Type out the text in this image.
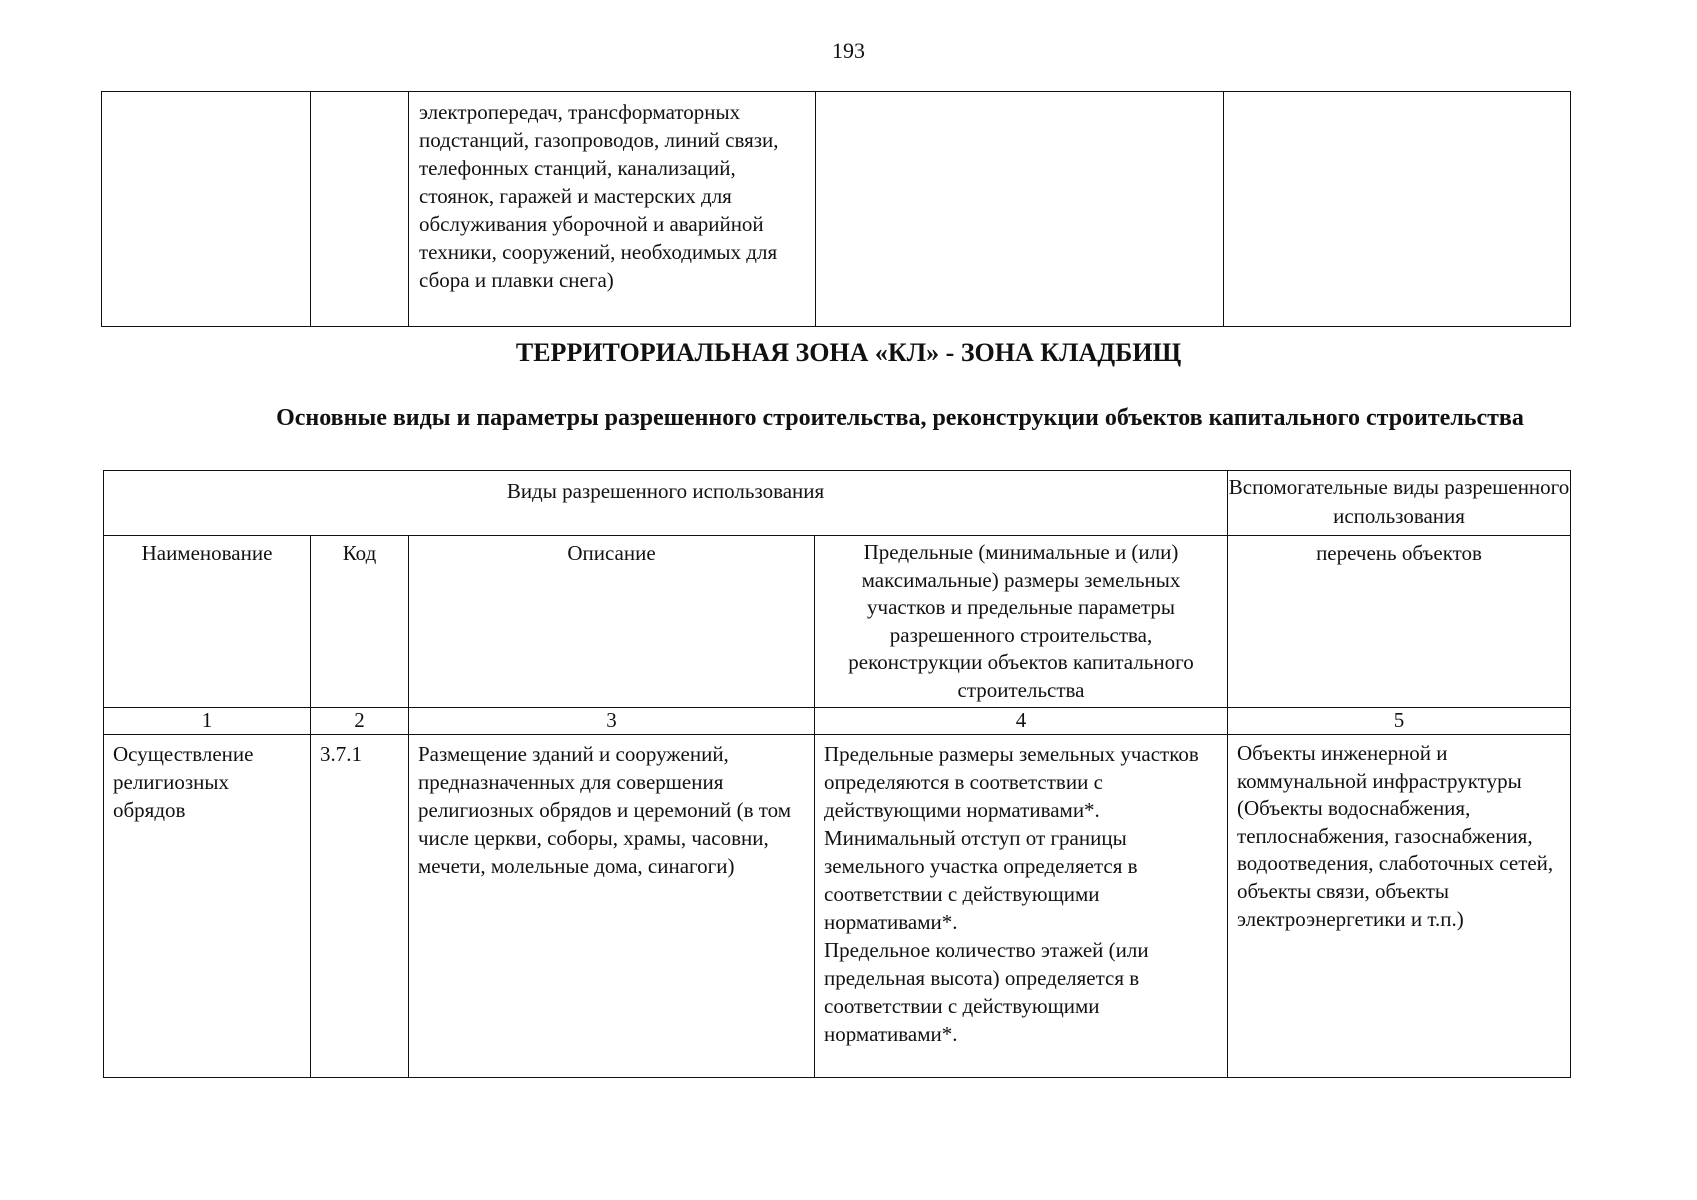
193
		электропередач, трансформаторных подстанций, газопроводов, линий связи, телефонных станций, канализаций, стоянок, гаражей и мастерских для обслуживания уборочной и аварийной техники, сооружений, необходимых для сбора и плавки снега)		
ТЕРРИТОРИАЛЬНАЯ ЗОНА «КЛ» - ЗОНА КЛАДБИЩ
Основные виды и параметры разрешенного строительства, реконструкции объектов капитального строительства
Виды разрешенного использования				Вспомогательные виды разрешенного использования
Наименование	Код	Описание	Предельные (минимальные и (или) максимальные) размеры земельных участков и предельные параметры разрешенного строительства, реконструкции объектов капитального строительства	перечень объектов
1	2	3	4	5
Осуществление религиозных обрядов	3.7.1	Размещение зданий и сооружений, предназначенных для совершения религиозных обрядов и церемоний (в том числе церкви, соборы, храмы, часовни, мечети, молельные дома, синагоги)	Предельные размеры земельных участков определяются в соответствии с действующими нормативами*.
Минимальный отступ от границы земельного участка определяется в соответствии с действующими нормативами*.
Предельное количество этажей (или предельная высота) определяется в соответствии с действующими нормативами*.	Объекты инженерной и коммунальной инфраструктуры (Объекты водоснабжения, теплоснабжения, газоснабжения, водоотведения, слаботочных сетей, объекты связи, объекты электроэнергетики и т.п.)
